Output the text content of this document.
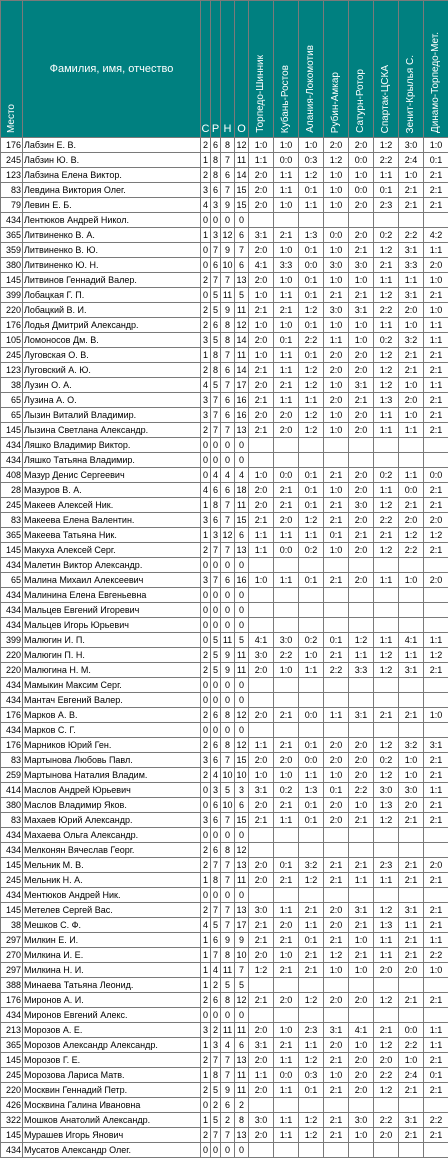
Место	Фамилия, имя, отчество	С	Р	Н	О	Торпедо-Шинник	Кубань-Ростов	Алания-Локомотив	Рубин-Амкар	Сатурн-Ротор	Спартак-ЦСКА	Зенит-Крылья С.	Динамо-Торпедо-Мет.
176	Лабзин Е. В.	2	6	8	12	1:0	1:0	1:0	2:0	2:0	1:2	3:0	1:0
245	Лабзин Ю. В.	1	8	7	11	1:1	0:0	0:3	1:2	0:0	2:2	2:4	0:1
123	Лабзина Елена Виктор.	2	8	6	14	2:0	1:1	1:2	1:0	1:0	1:1	1:0	2:1
83	Левдина Виктория Олег.	3	6	7	15	2:0	1:1	0:1	1:0	0:0	0:1	2:1	2:1
79	Левин Е. Б.	4	3	9	15	2:0	1:0	1:1	1:0	2:0	2:3	2:1	2:1
434	Лентюков Андрей Никол.	0	0	0	0								
365	Литвиненко В. А.	1	3	12	6	3:1	2:1	1:3	0:0	2:0	0:2	2:2	4:2
359	Литвиненко В. Ю.	0	7	9	7	2:0	1:0	0:1	1:0	2:1	1:2	3:1	1:1
380	Литвиненко Ю. Н.	0	6	10	6	4:1	3:3	0:0	3:0	3:0	2:1	3:3	2:0
145	Литвинов Геннадий Валер.	2	7	7	13	2:0	1:0	0:1	1:0	1:0	1:1	1:1	1:0
399	Лобацкая Г. П.	0	5	11	5	1:0	1:1	0:1	2:1	2:1	1:2	3:1	2:1
220	Лобацкий В. И.	2	5	9	11	2:1	2:1	1:2	3:0	3:1	2:2	2:0	1:0
176	Лодья Дмитрий Александр.	2	6	8	12	1:0	1:0	0:1	1:0	1:0	1:1	1:0	1:1
105	Ломоносов Дм. В.	3	5	8	14	2:0	0:1	2:2	1:1	1:0	0:2	3:2	1:1
245	Луговская О. В.	1	8	7	11	1:0	1:1	0:1	2:0	2:0	1:2	2:1	2:1
123	Луговский А. Ю.	2	8	6	14	2:1	1:1	1:2	2:0	2:0	1:2	2:1	2:1
38	Лузин О. А.	4	5	7	17	2:0	2:1	1:2	1:0	3:1	1:2	1:0	1:1
65	Лузина А. О.	3	7	6	16	2:1	1:1	1:1	2:0	2:1	1:3	2:0	2:1
65	Лызин Виталий Владимир.	3	7	6	16	2:0	2:0	1:2	1:0	2:0	1:1	1:0	2:1
145	Лызина Светлана Александр.	2	7	7	13	2:1	2:0	1:2	1:0	2:0	1:1	1:1	2:1
434	Ляшко Владимир Виктор.	0	0	0	0								
434	Ляшко Татьяна Владимир.	0	0	0	0								
408	Мазур Денис Сергеевич	0	4	4	4	1:0	0:0	0:1	2:1	2:0	0:2	1:1	0:0
28	Мазуров В. А.	4	6	6	18	2:0	2:1	0:1	1:0	2:0	1:1	0:0	2:1
245	Макеев Алексей Ник.	1	8	7	11	2:0	2:1	0:1	2:1	3:0	1:2	2:1	2:1
83	Макеева Елена Валентин.	3	6	7	15	2:1	2:0	1:2	2:1	2:0	2:2	2:0	2:0
365	Макеева Татьяна Ник.	1	3	12	6	1:1	1:1	1:1	0:1	2:1	2:1	1:2	1:2
145	Макуха Алексей Серг.	2	7	7	13	1:1	0:0	0:2	1:0	2:0	1:2	2:2	2:1
434	Малетин Виктор Александр.	0	0	0	0								
65	Малина Михаил Алексеевич	3	7	6	16	1:0	1:1	0:1	2:1	2:0	1:1	1:0	2:0
434	Малинина Елена Евгеньевна	0	0	0	0								
434	Мальцев Евгений Игоревич	0	0	0	0								
434	Мальцев Игорь Юрьевич	0	0	0	0								
399	Малюгин И. П.	0	5	11	5	4:1	3:0	0:2	0:1	1:2	1:1	4:1	1:1
220	Малюгин П. Н.	2	5	9	11	3:0	2:2	1:0	2:1	1:1	1:2	1:1	1:2
220	Малюгина Н. М.	2	5	9	11	2:0	1:0	1:1	2:2	3:3	1:2	3:1	2:1
434	Мамыкин Максим Серг.	0	0	0	0								
434	Мантач Евгений Валер.	0	0	0	0								
176	Марков А. В.	2	6	8	12	2:0	2:1	0:0	1:1	3:1	2:1	2:1	1:0
434	Марков С. Г.	0	0	0	0								
176	Марников Юрий Ген.	2	6	8	12	1:1	2:1	0:1	2:0	2:0	1:2	3:2	3:1
83	Мартынова Любовь Павл.	3	6	7	15	2:0	2:0	0:0	2:0	2:0	0:2	1:0	2:1
259	Мартынова Наталия Владим.	2	4	10	10	1:0	1:0	1:1	1:0	2:0	1:2	1:0	2:1
414	Маслов Андрей Юрьевич	0	3	5	3	3:1	0:2	1:3	0:1	2:2	3:0	3:0	1:1
380	Маслов Владимир Яков.	0	6	10	6	2:0	2:1	0:1	2:0	1:0	1:3	2:0	2:1
83	Махаев Юрий Александр.	3	6	7	15	2:1	1:1	0:1	2:0	2:1	1:2	2:1	2:1
434	Махаева Ольга Александр.	0	0	0	0								
434	Мелконян Вячеслав Георг.	2	6	8	12								
145	Мельник М. В.	2	7	7	13	2:0	0:1	3:2	2:1	2:1	2:3	2:1	2:0
245	Мельник Н. А.	1	8	7	11	2:0	2:1	1:2	2:1	1:1	1:1	2:1	2:1
434	Ментюков Андрей Ник.	0	0	0	0								
145	Метелев Сергей Вас.	2	7	7	13	3:0	1:1	2:1	2:0	3:1	1:2	3:1	2:1
38	Мешков С. Ф.	4	5	7	17	2:1	2:0	1:1	2:0	2:1	1:3	1:1	2:1
297	Милкин Е. И.	1	6	9	9	2:1	2:1	0:1	2:1	1:0	1:1	2:1	1:1
270	Милкина И. Е.	1	7	8	10	2:0	1:0	2:1	1:2	2:1	1:1	2:1	2:2
297	Милкина Н. И.	1	4	11	7	1:2	2:1	2:1	1:0	1:0	2:0	2:0	1:0
388	Минаева Татьяна Леонид.	1	2	5	5								
176	Миронов А. И.	2	6	8	12	2:1	2:0	1:2	2:0	2:0	1:2	2:1	2:1
434	Миронов Евгений Алекс.	0	0	0	0								
213	Морозов А. Е.	3	2	11	11	2:0	1:0	2:3	3:1	4:1	2:1	0:0	1:1
365	Морозов Александр Александр.	1	3	4	6	3:1	2:1	1:1	2:0	1:0	1:2	2:2	1:1
145	Морозов Г. Е.	2	7	7	13	2:0	1:1	1:2	2:1	2:0	2:0	1:0	2:1
245	Морозова Лариса Матв.	1	8	7	11	1:1	0:0	0:3	1:0	2:0	2:2	2:4	0:1
220	Москвин Геннадий Петр.	2	5	9	11	2:0	1:1	0:1	2:1	2:0	1:2	2:1	2:1
426	Москвина Галина Ивановна	0	2	6	2								
322	Мошков Анатолий Александр.	1	5	2	8	3:0	1:1	1:2	2:1	3:0	2:2	3:1	2:2
145	Мурашев Игорь Янович	2	7	7	13	2:0	1:1	1:2	2:1	1:0	2:0	2:1	2:1
434	Мусатов Александр Олег.	0	0	0	0								
